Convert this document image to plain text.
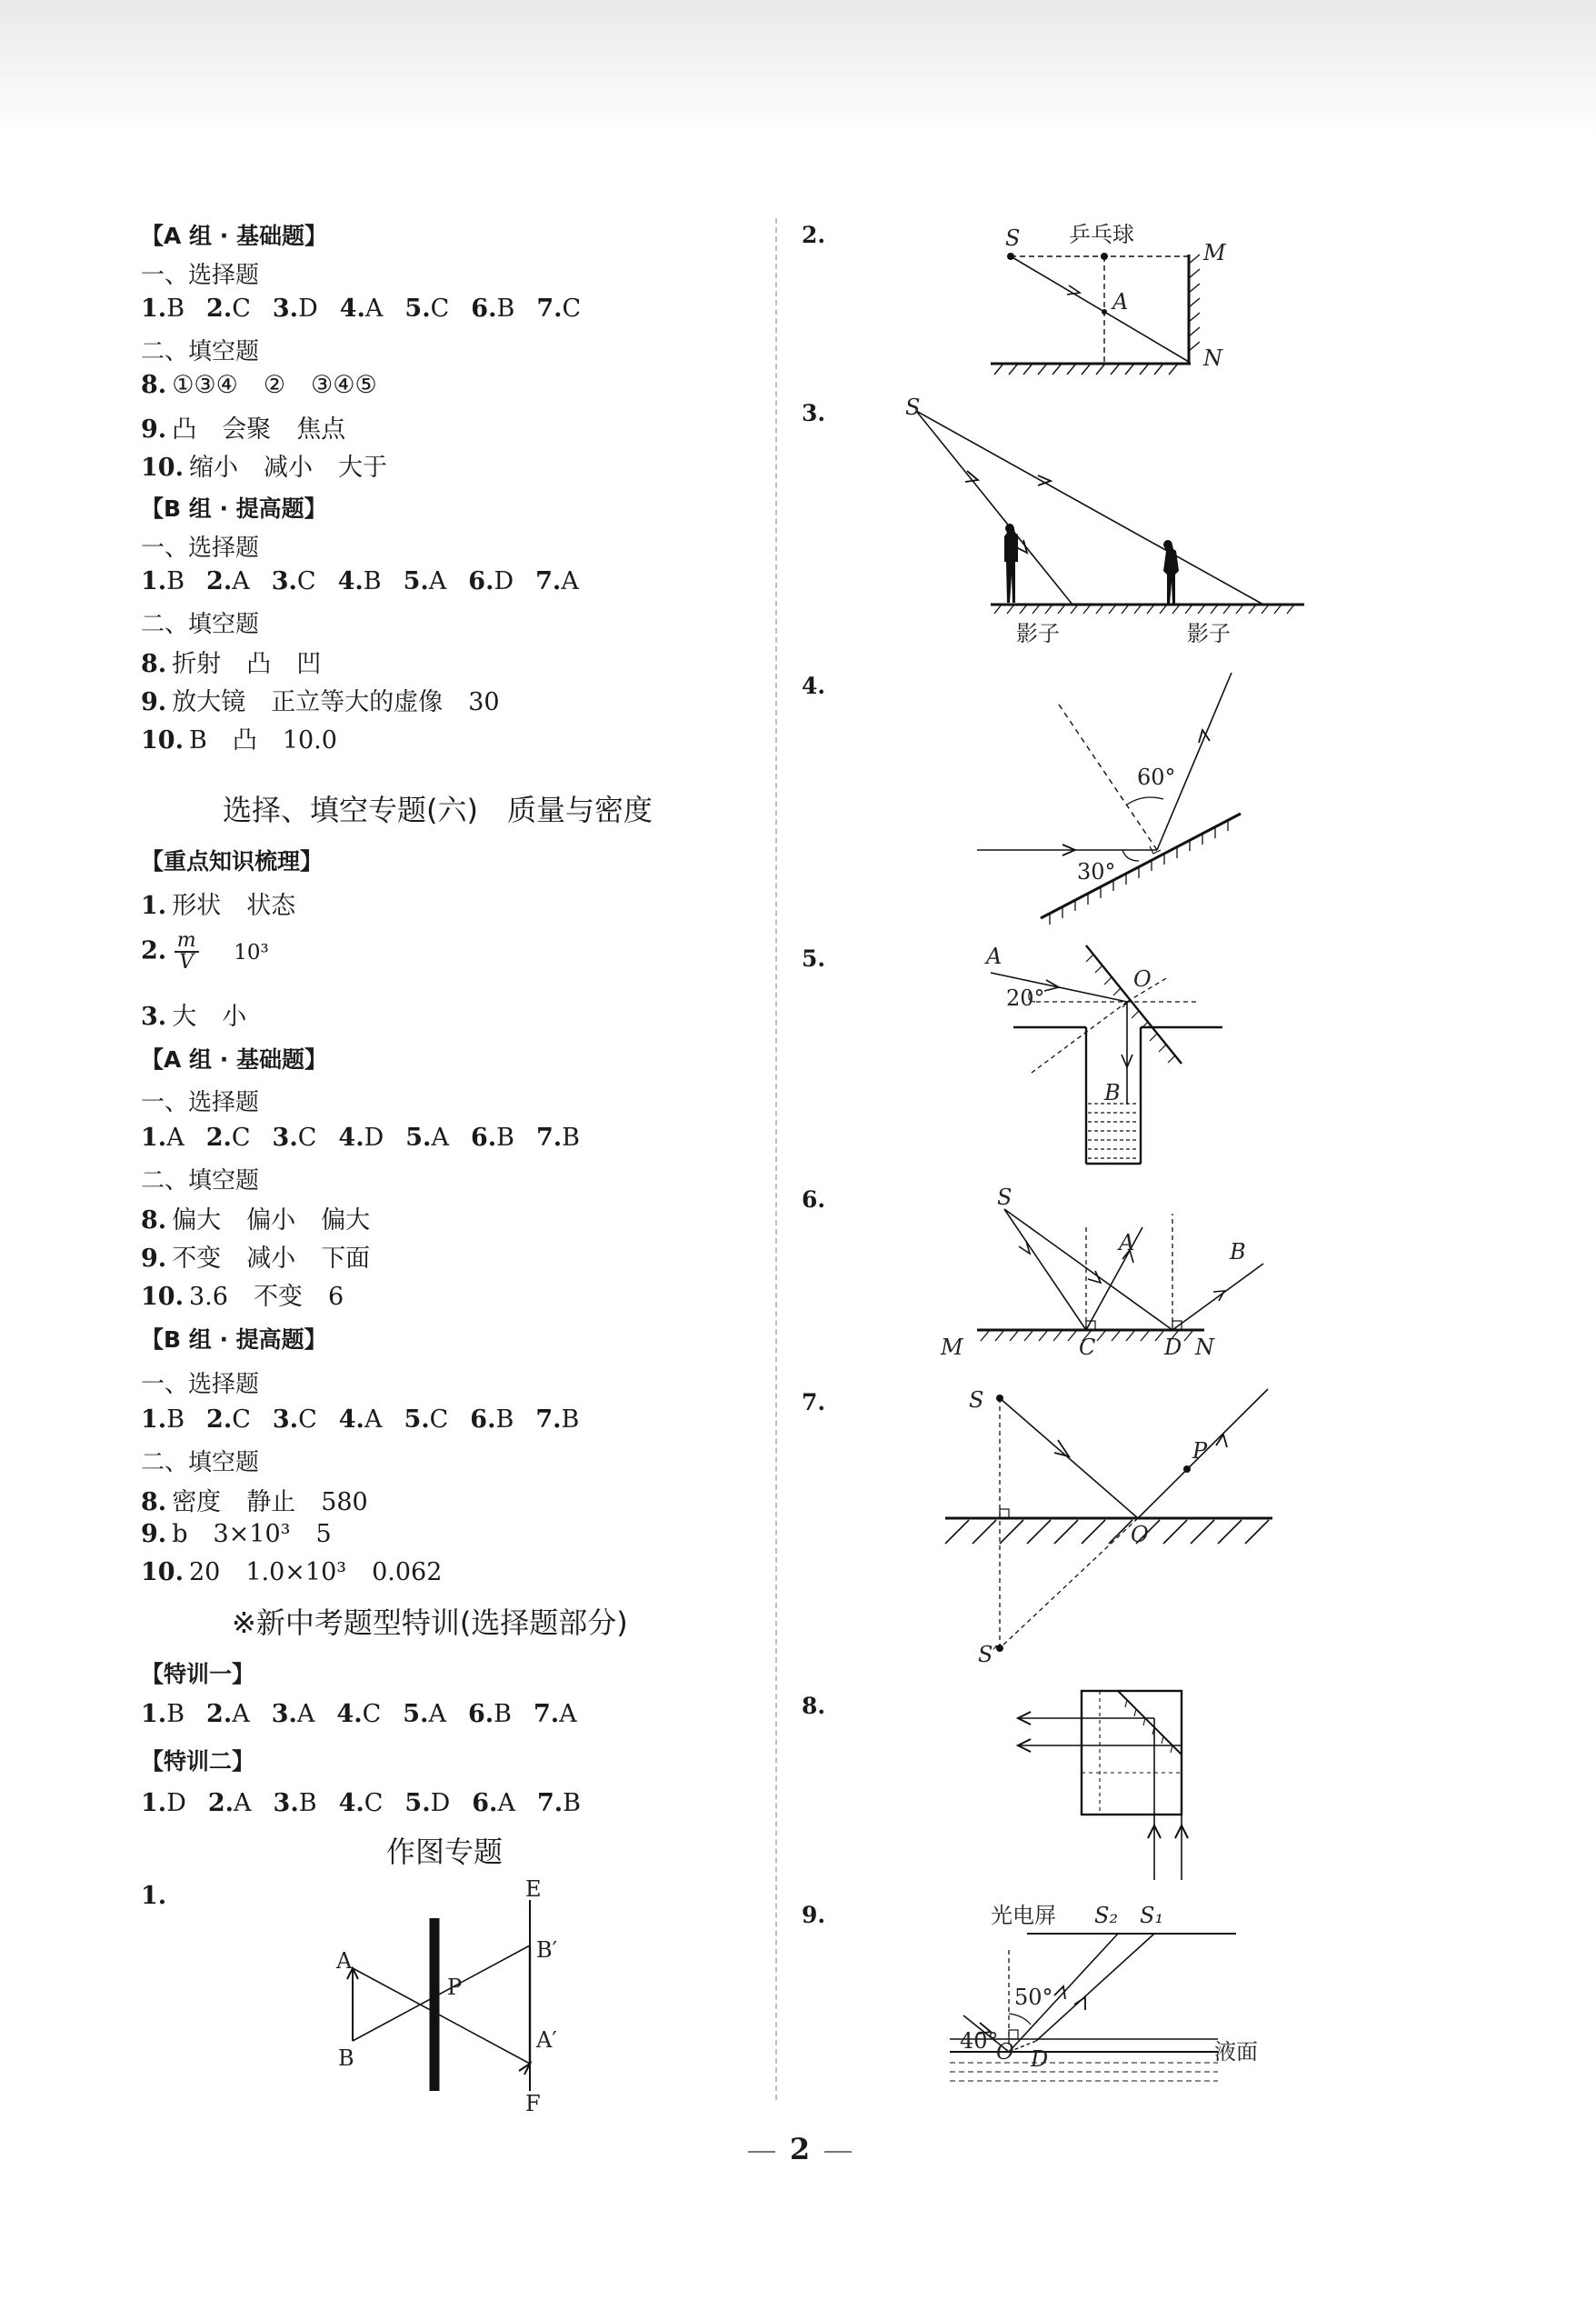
【A 组 · 基础题】
一、选择题
1.B 2.C 3.D 4.A 5.C 6.B 7.C
二、填空题
8. ①③④ ② ③④⑤
9. 凸 会聚 焦点
10. 缩小 减小 大于
【B 组 · 提高题】
一、选择题
1.B 2.A 3.C 4.B 5.A 6.D 7.A
二、填空题
8. 折射 凸 凹
9. 放大镜 正立等大的虚像 30
10. B 凸 10.0
选择、填空专题(六)　质量与密度
【重点知识梳理】
1. 形状 状态
2. $\frac{m}{V} 10^3$
3. 大 小
【A 组 · 基础题】
一、选择题
1.A 2.C 3.C 4.D 5.A 6.B 7.B
二、填空题
8. 偏大 偏小 偏大
9. 不变 减小 下面
10. 3.6 不变 6
【B 组 · 提高题】
一、选择题
1.B 2.C 3.C 4.A 5.C 6.B 7.B
二、填空题
8. 密度 静止 580
9. b 3×10³ 5
10. 20 1.0×10³ 0.062
※新中考题型特训(选择题部分)
【特训一】
1.B 2.A 3.A 4.C 5.A 6.B 7.A
【特训二】
1.D 2.A 3.B 4.C 5.D 6.A 7.B
作图专题
1.
A
B
P
E
F
B′
A′
2.
3.
4.
5.
6.
7.
8.
9.
S 乒乓球
M
A
N
S
影子	影子
60°
30°
A
20°
O
B
S
A	B
M	C	D N
S
P
O
S′
光电屏 S₂ S₁
50°
40°
O D	液面
2
